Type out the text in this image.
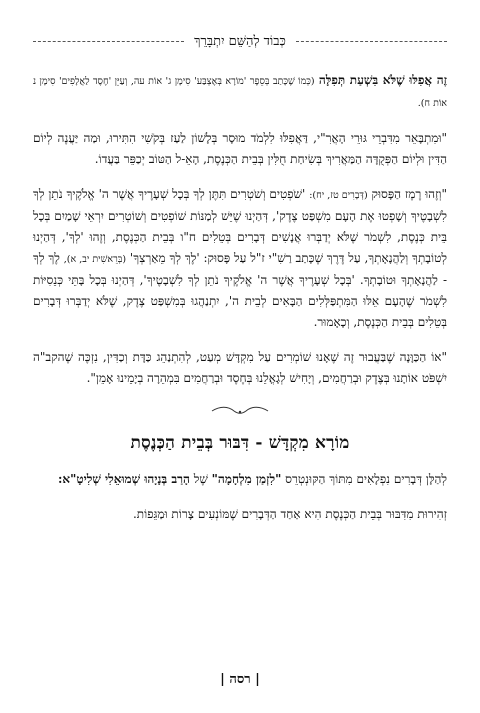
כְּבוֹד לְהַשֵּׁם יִתְבָּרֵךְ

זֶה אֲפִלּוּ שֶׁלֹּא בִּשְׁעַת תְּפִלָּה (כְּמוֹ שֶׁכָּתַב בְּסֵפֶר 'מוֹרָא בְּאֶצְבַּע' סִימָן ג' אוֹת עה, וְעַיֵּן 'חֶסֶד לַאֲלָפִים' סִימָן נ אוֹת ח).

"וּמִתְבָּאֵר מִדִּבְרֵי גּוּרֵי הָאֲרִ"י, דַּאֲפִלּוּ לִלְמֹד מוּסָר בְּלָשׁוֹן לַעַז בְּקֹשִׁי הִתִּירוּ, וּמַה יַּעֲנֶה לְיוֹם הַדִּין וּלְיוֹם הַפְּקֻדָּה הַמַּאֲרִיךְ בְּשִׂיחַת חֻלִּין בְּבֵית הַכְּנֶסֶת, הָאֵ-ל הַטּוֹב יְכַפֵּר בַּעֲדוֹ.

"וְזֶהוּ רֶמֶז הַפָּסוּק (דְּבָרִים טז, יח): 'שֹׁפְטִים וְשֹׁטְרִים תִּתֶּן לְךָ בְּכָל שְׁעָרֶיךָ אֲשֶׁר ה' אֱלֹקֶיךָ נֹתֵן לְךָ לִשְׁבָטֶיךָ וְשָׁפְטוּ אֶת הָעָם מִשְׁפַּט צֶדֶק', דְּהַיְנוּ שֶׁיֵּשׁ לְמַנּוֹת שׁוֹפְטִים וְשׁוֹטְרִים יִרְאֵי שָׁמַיִם בְּכָל בֵּית כְּנֶסֶת, לִשְׁמֹר שֶׁלֹּא יְדַבְּרוּ אֲנָשִׁים דְּבָרִים בְּטֵלִים ח"ו בְּבֵית הַכְּנֶסֶת, וְזֶהוּ 'לְךָ', דְּהַיְנוּ לְטוֹבָתְךָ וְלַהֲנָאָתְךָ, עַל דֶּרֶךְ שֶׁכָּתַב רַשִׁ"י ז"ל עַל פָּסוּק: 'לֶךְ לְךָ מֵאַרְצְךָ' (בְּרֵאשִׁית יב, א), לֶךְ לְךָ - לַהֲנָאָתְךָ וּטוֹבָתְךָ. 'בְּכָל שְׁעָרֶיךָ אֲשֶׁר ה' אֱלֹקֶיךָ נֹתֵן לְךָ לִשְׁבָטֶיךָ', דְּהַיְנוּ בְּכָל בָּתֵּי כְּנֵסִיּוֹת לִשְׁמֹר שֶׁהָעָם אֵלּוּ הַמִּתְפַּלְּלִים הַבָּאִים לְבֵית ה', יִתְנַהֲגוּ בְּמִשְׁפַּט צֶדֶק, שֶׁלֹּא יְדַבְּרוּ דְּבָרִים בְּטֵלִים בְּבֵית הַכְּנֶסֶת, וְכָאָמוּר.

"אוֹ הַכַּוָּנָה שֶׁבַּעֲבוּר זֶה שֶׁאָנוּ שׁוֹמְרִים עַל מִקְדָּשׁ מְעַט, לְהִתְנַהֵג כַּדָּת וְכַדִּין, נִזְכֶּה שֶׁהקב"ה יִשְׁפֹּט אוֹתָנוּ בְּצֶדֶק וּבְרַחֲמִים, וְיָחִישׁ לְגָאֳלֵנוּ בְּחֶסֶד וּבְרַחֲמִים בִּמְהֵרָה בְיָמֵינוּ אָמֵן".

מוֹרָא מִקְדָּשׁ - דִּבּוּר בְּבֵית הַכְּנֶסֶת

לְהַלָּן דְּבָרִים נִפְלָאִים מִתּוֹךְ הַקּוּנְטְרֵס "לִזְמַן מִלְחָמָה" שֶׁל הָרַב בְּנָיָהוּ שְׁמוּאֵלִי שְׁלִיטָ"א:

זְהִירוּת מִדִּבּוּר בְּבֵית הַכְּנֶסֶת הִיא אַחַד הַדְּבָרִים שֶׁמּוֹנְעִים צָרוֹת וּמַגֵּפוֹת.

| רסה |
